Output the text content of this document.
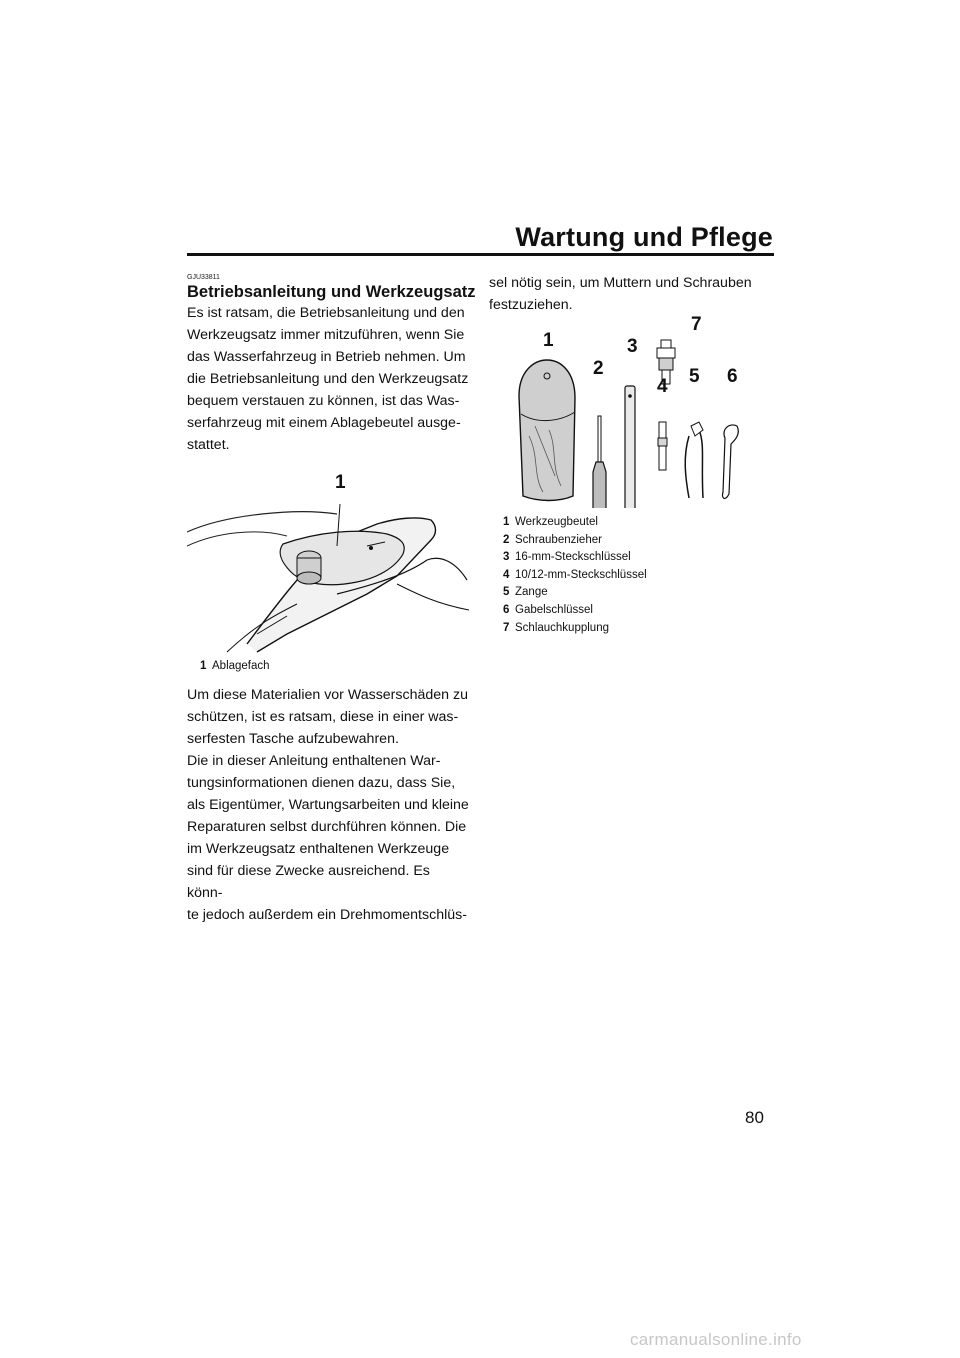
Wartung und Pflege
GJU33811
Betriebsanleitung und Werkzeugsatz

Es ist ratsam, die Betriebsanleitung und den
Werkzeugsatz immer mitzuführen, wenn Sie
das Wasserfahrzeug in Betrieb nehmen. Um
die Betriebsanleitung und den Werkzeugsatz
bequem verstauen zu können, ist das Was-
serfahrzeug mit einem Ablagebeutel ausge-
stattet.

1
1 Ablagefach

Um diese Materialien vor Wasserschäden zu
schützen, ist es ratsam, diese in einer was-
serfesten Tasche aufzubewahren.

Die in dieser Anleitung enthaltenen War-
tungsinformationen dienen dazu, dass Sie,
als Eigentümer, Wartungsarbeiten und kleine
Reparaturen selbst durchführen können. Die
im Werkzeugsatz enthaltenen Werkzeuge
sind für diese Zwecke ausreichend. Es könn-
te jedoch außerdem ein Drehmomentschlüs-

sel nötig sein, um Muttern und Schrauben
festzuziehen.

1
2
3
4 5 6
7
1 Werkzeugbeutel
2 Schraubenzieher
3 16-mm-Steckschlüssel
4 10/12-mm-Steckschlüssel
5 Zange
6 Gabelschlüssel
7 Schlauchkupplung
80
carmanualsonline.info
